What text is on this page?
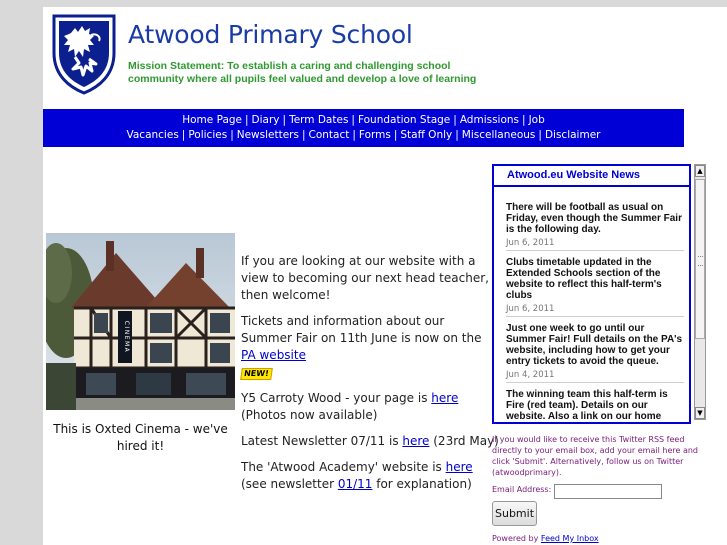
Atwood Primary School
Mission Statement: To establish a caring and challenging school community where all pupils feel valued and develop a love of learning
Home Page | Diary | Term Dates | Foundation Stage | Admissions | Job Vacancies | Policies | Newsletters | Contact | Forms | Staff Only | Miscellaneous | Disclaimer
CINEMA
This is Oxted Cinema - we've hired it!

If you are looking at our website with a view to becoming our next head teacher, then welcome!

Tickets and information about our Summer Fair on 11th June is now on the PA website
NEW!

Y5 Carroty Wood - your page is here (Photos now available)

Latest Newsletter 07/11 is here (23rd May)

The 'Atwood Academy' website is here (see newsletter 01/11 for explanation)

Atwood.eu Website News
There will be football as usual on Friday, even though the Summer Fair is the following day.
Jun 6, 2011
Clubs timetable updated in the Extended Schools section of the website to reflect this half-term's clubs
Jun 6, 2011
Just one week to go until our Summer Fair! Full details on the PA's website, including how to get your entry tickets to avoid the queue.
Jun 4, 2011
The winning team this half-term is Fire (red team). Details on our website. Also a link on our home
▲
▼
If you would like to receive this Twitter RSS feed directly to your email box, add your email here and click 'Submit'. Alternatively, follow us on Twitter (atwoodprimary).
Email Address:
Submit
Powered by Feed My Inbox
